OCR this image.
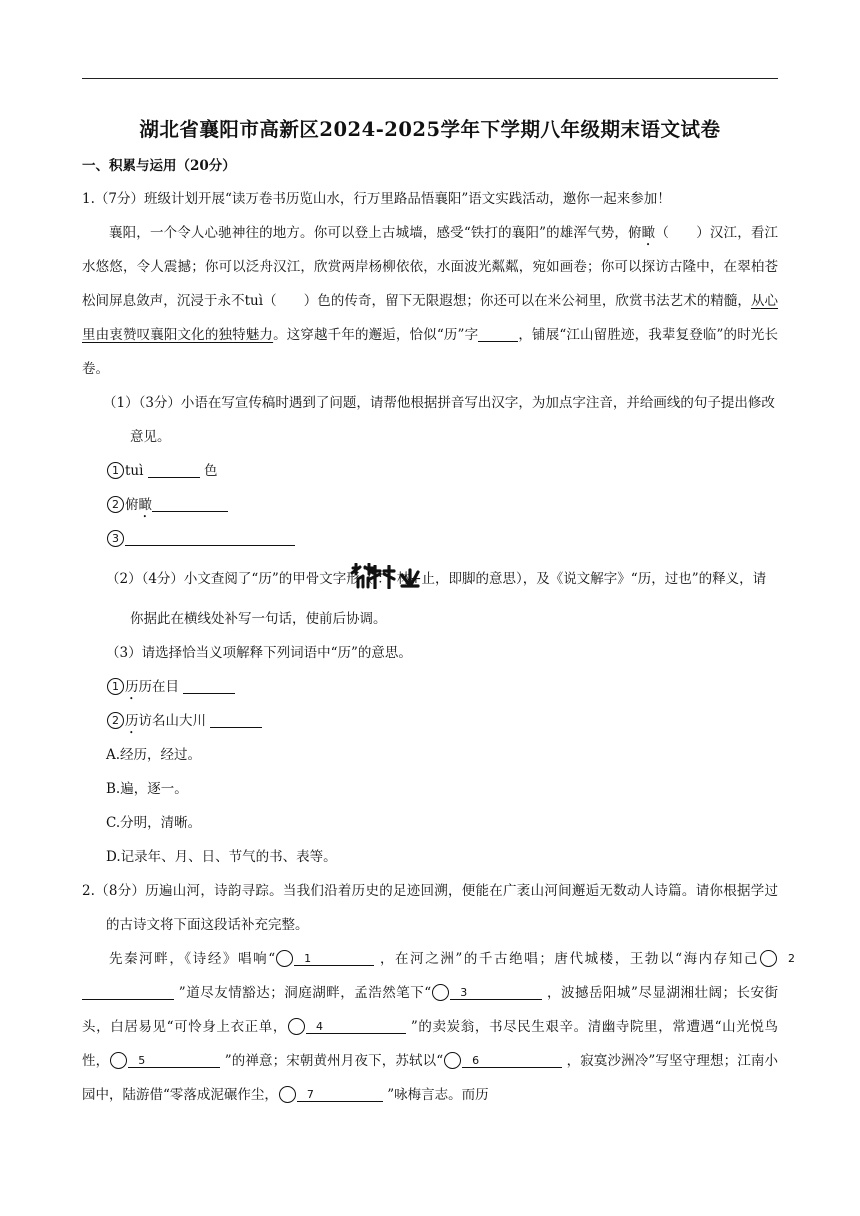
湖北省襄阳市高新区2024-2025学年下学期八年级期末语文试卷
一、积累与运用（20分）

1.（7分）班级计划开展“读万卷书历览山水，行万里路品悟襄阳”语文实践活动，邀你一起来参加！

襄阳，一个令人心驰神往的地方。你可以登上古城墙，感受“铁打的襄阳”的雄浑气势，俯瞰（　　）汉江，看江水悠悠，令人震撼；你可以泛舟汉江，欣赏两岸杨柳依依，水面波光粼粼，宛如画卷；你可以探访古隆中，在翠柏苍松间屏息敛声，沉浸于永不tuì（　　）色的传奇，留下无限遐想；你还可以在米公祠里，欣赏书法艺术的精髓，从心里由衷赞叹襄阳文化的独特魅力。这穿越千年的邂逅，恰似“历”字	，铺展“江山留胜迹，我辈复登临”的时光长卷。

（1）（3分）小语在写宣传稿时遇到了问题，请帮他根据拼音写出汉字，为加点字注音，并给画线的句子提出修改意见。

1 tuì	色

2 俯瞰

3

（2）（4分）小文查阅了“历”的甲骨文字形（ ： 林+止，即脚的意思），及《说文解字》“历，过也”的释义，请你据此在横线处补写一句话，使前后协调。

（3）请选择恰当义项解释下列词语中“历”的意思。

1 历历在目

2 历访名山大川

A.经历，经过。

B.遍，逐一。

C.分明，清晰。

D.记录年、月、日、节气的书、表等。

2.（8分）历遍山河，诗韵寻踪。当我们沿着历史的足迹回溯，便能在广袤山河间邂逅无数动人诗篇。请你根据学过的古诗文将下面这段话补充完整。

先秦河畔，《诗经》唱响“	1	，在河之洲”的千古绝唱；唐代城楼，王勃以“海内存知己	2 ”道尽友情豁达；洞庭湖畔，孟浩然笔下“	3	，波撼岳阳城”尽显湖湘壮阔；长安街头，白居易见“可怜身上衣正单，	4	”的卖炭翁，书尽民生艰辛。清幽寺院里，常遭遇“山光悦鸟性，	5	”的禅意；宋朝黄州月夜下，苏轼以“	6	，寂寞沙洲冷”写坚守理想；江南小园中，陆游借“零落成泥碾作尘，	7	”咏梅言志。而历
